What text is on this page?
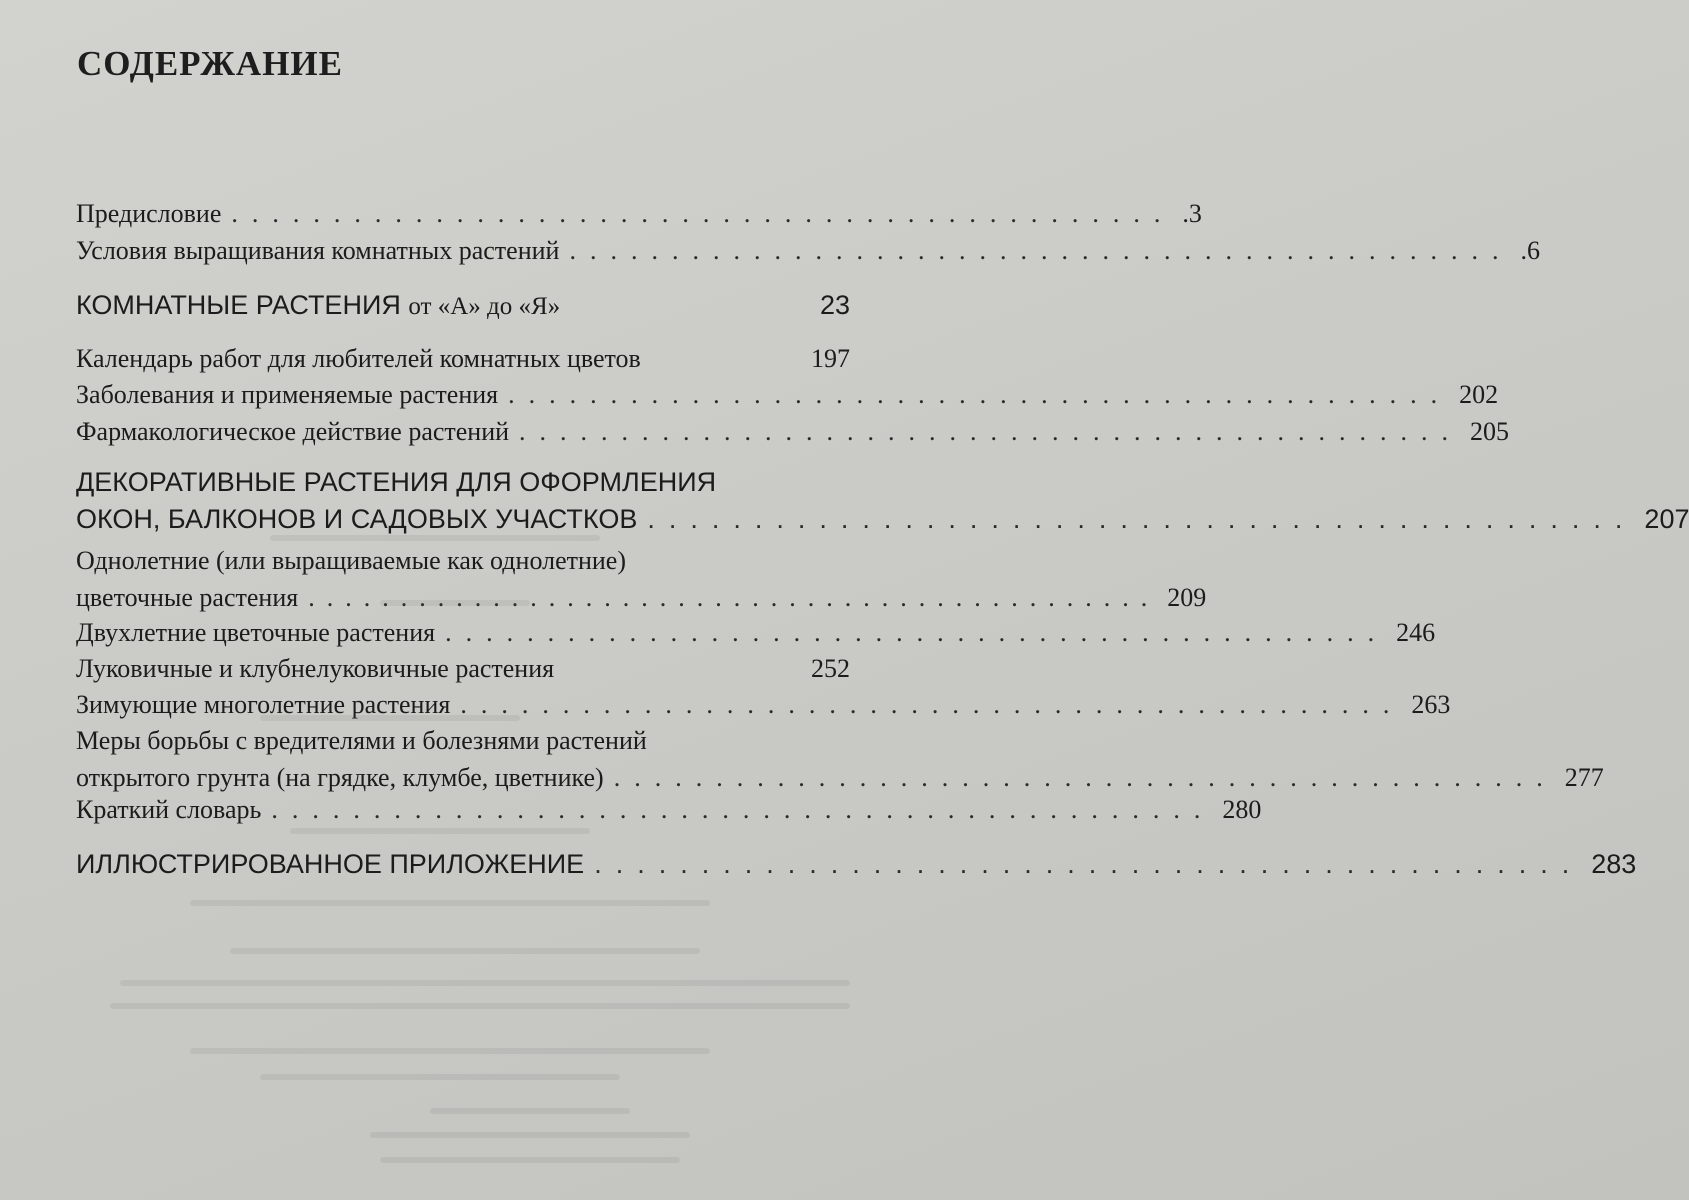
СОДЕРЖАНИЕ
Предисловие .............................................. .3
Условия выращивания комнатных растений .............................................. .6
КОМНАТНЫЕ РАСТЕНИЯ от «А» до «Я»	23
Календарь работ для любителей комнатных цветов	197
Заболевания и применяемые растения .............................................. 202
Фармакологическое действие растений .............................................. 205
ДЕКОРАТИВНЫЕ РАСТЕНИЯ ДЛЯ ОФОРМЛЕНИЯ
ОКОН, БАЛКОНОВ И САДОВЫХ УЧАСТКОВ .............................................. 207
Однолетние (или выращиваемые как однолетние)
цветочные растения .............................................. 209
Двухлетние цветочные растения .............................................. 246
Луковичные и клубнелуковичные растения	252
Зимующие многолетние растения .............................................. 263
Меры борьбы с вредителями и болезнями растений
открытого грунта (на грядке, клумбе, цветнике) .............................................. 277
Краткий словарь .............................................. 280
ИЛЛЮСТРИРОВАННОЕ ПРИЛОЖЕНИЕ .............................................. 283
